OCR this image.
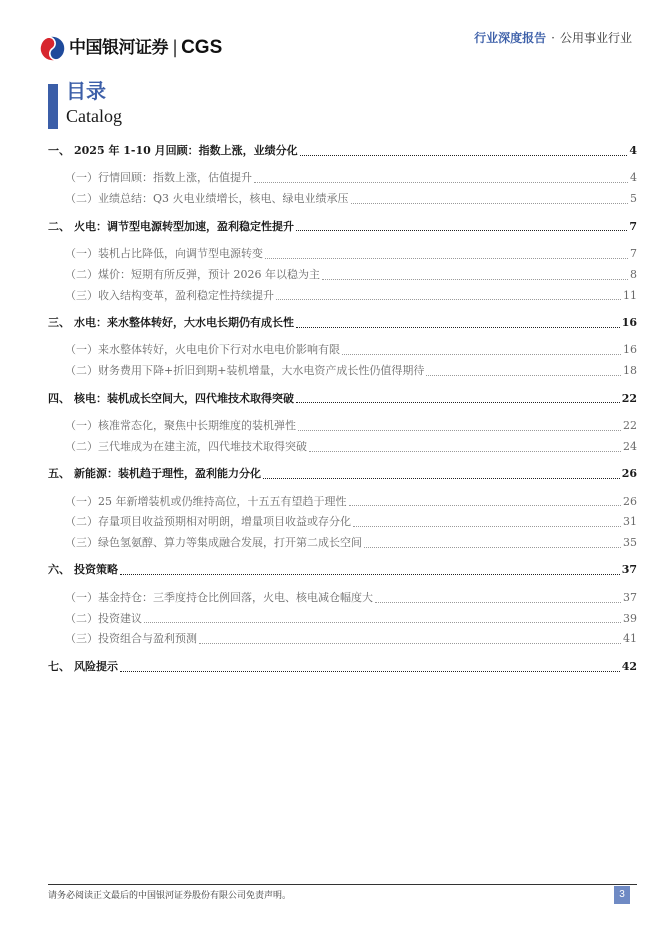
中国银河证券 | CGS	行业深度报告 · 公用事业行业
目录
Catalog
一、 2025 年 1-10 月回顾：指数上涨，业绩分化	4
（一） 行情回顾：指数上涨，估值提升	4
（二） 业绩总结：Q3 火电业绩增长，核电、绿电业绩承压	5
二、 火电：调节型电源转型加速，盈利稳定性提升	7
（一） 装机占比降低，向调节型电源转变	7
（二） 煤价：短期有所反弹，预计 2026 年以稳为主	8
（三） 收入结构变革，盈利稳定性持续提升	11
三、 水电：来水整体转好，大水电长期仍有成长性	16
（一） 来水整体转好，火电电价下行对水电电价影响有限	16
（二） 财务费用下降+折旧到期+装机增量，大水电资产成长性仍值得期待	18
四、 核电：装机成长空间大，四代堆技术取得突破	22
（一） 核准常态化，聚焦中长期维度的装机弹性	22
（二） 三代堆成为在建主流，四代堆技术取得突破	24
五、 新能源：装机趋于理性，盈利能力分化	26
（一） 25 年新增装机或仍维持高位，十五五有望趋于理性	26
（二） 存量项目收益预期相对明朗，增量项目收益或存分化	31
（三） 绿色氢氨醇、算力等集成融合发展，打开第二成长空间	35
六、 投资策略	37
（一） 基金持仓：三季度持仓比例回落，火电、核电减仓幅度大	37
（二） 投资建议	39
（三） 投资组合与盈利预测	41
七、 风险提示	42
请务必阅读正文最后的中国银河证券股份有限公司免责声明。	3
